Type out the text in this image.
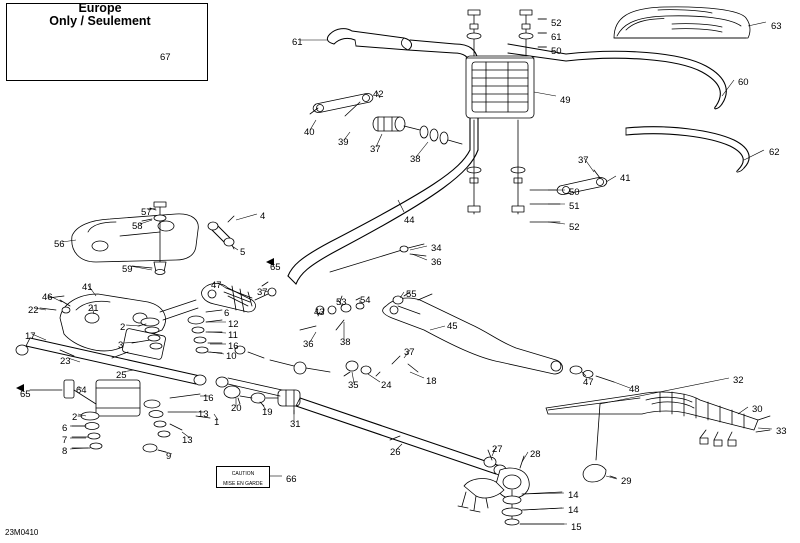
Europe
Only / Seulement
CAUTION
MISE EN GARDE
23M0410
67
52
61
50
63
61
49
60
42
40
39
37
38
62
37
41
50
51
52
44
57
58
4
56
5
59
34
36
65
47
37
41
46
22	21
55
53 54
43
12
11
2
6
17
3	16
10
36	38
37
45
23
25
35 24	18	47
48
32
65	64
16
20 19
31
13
1
2
6
7
8
13
9
30
33
26	27	28
29
14
14
15
66
